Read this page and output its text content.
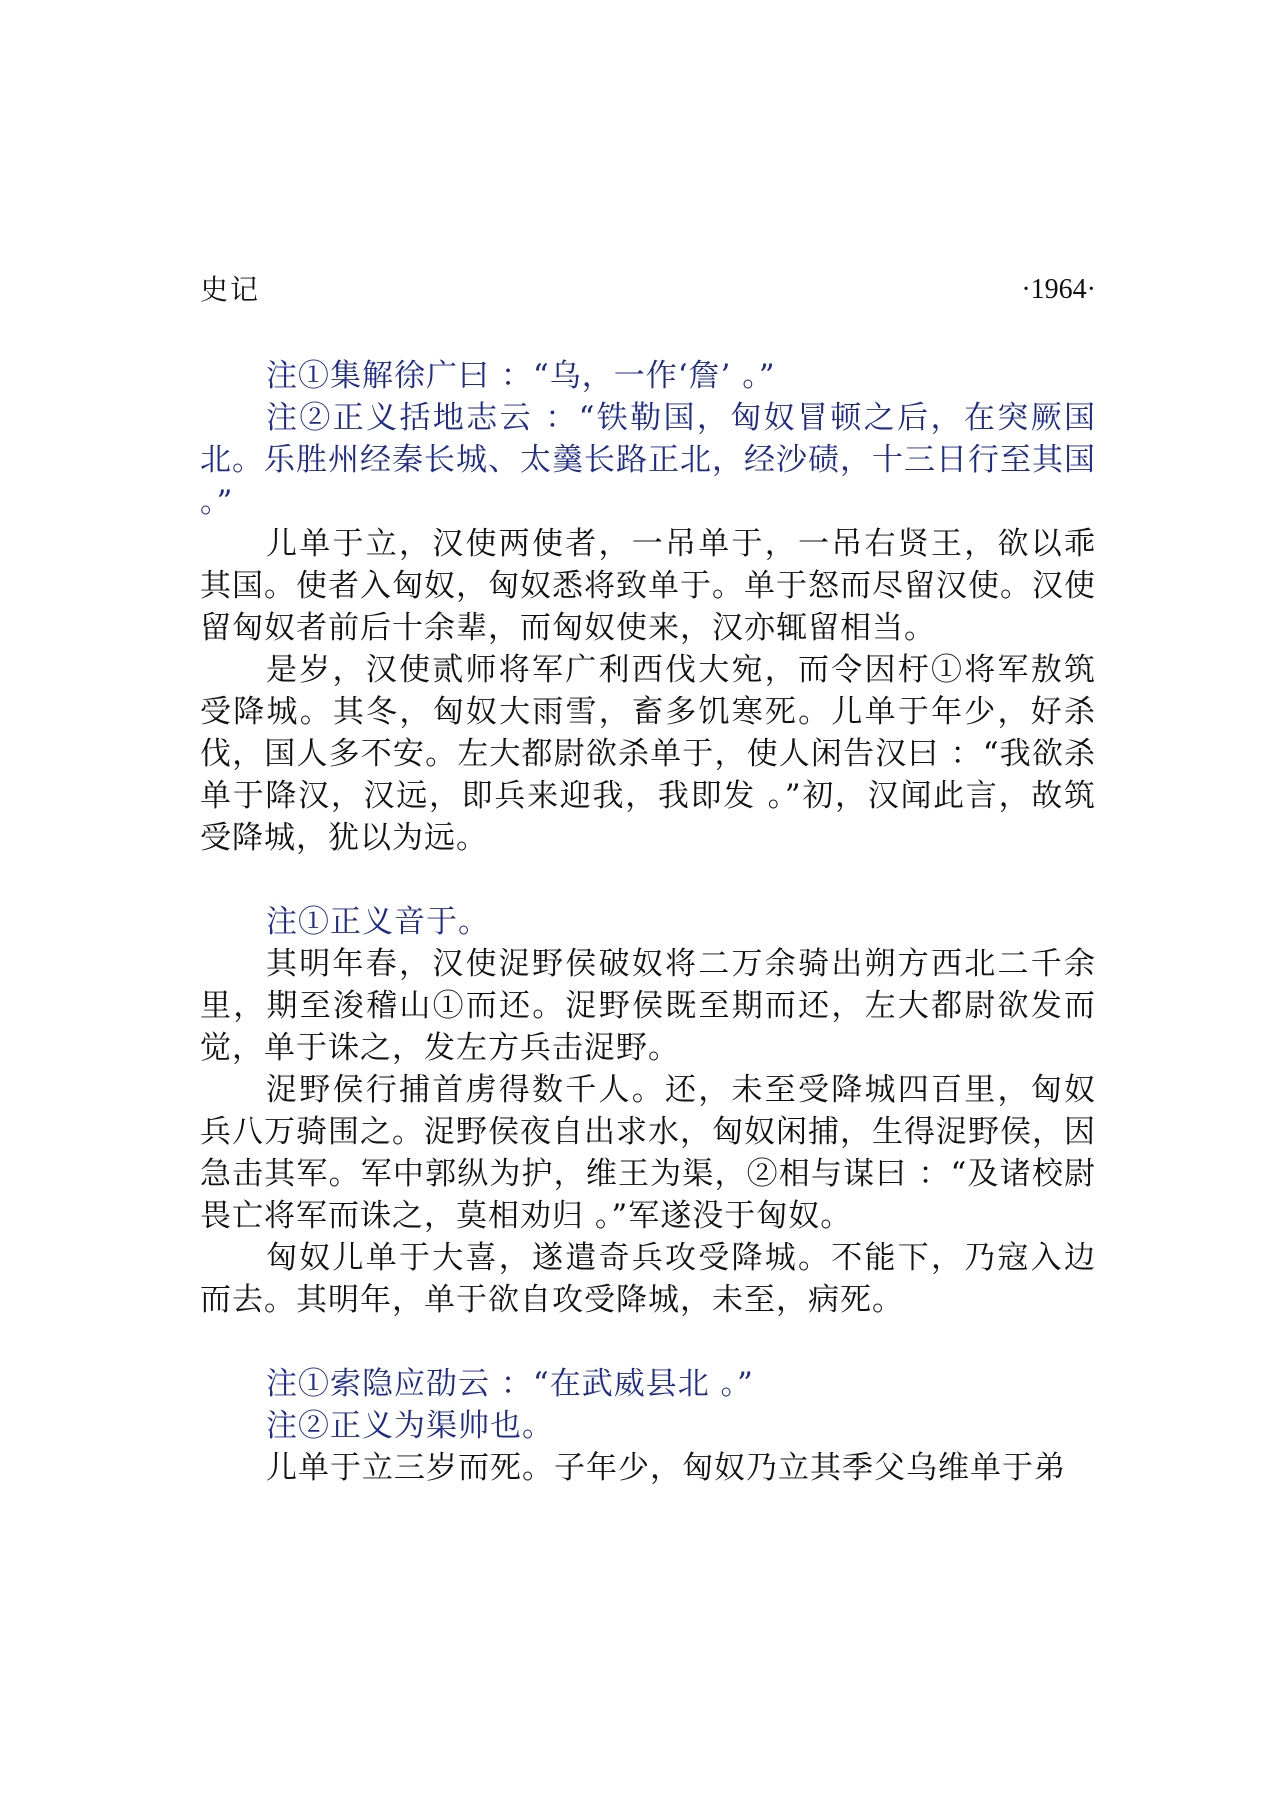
史记	·1964·

注①集解徐广曰 ：“乌，一作‘詹’ 。”

注②正义括地志云 ：“铁勒国，匈奴冒顿之后，在突厥国北。乐胜州经秦长城、太羹长路正北，经沙碛，十三日行至其国 。”

儿单于立，汉使两使者，一吊单于，一吊右贤王，欲以乖其国。使者入匈奴，匈奴悉将致单于。单于怒而尽留汉使。汉使留匈奴者前后十余辈，而匈奴使来，汉亦辄留相当。

是岁，汉使贰师将军广利西伐大宛，而令因杅①将军敖筑受降城。其冬，匈奴大雨雪，畜多饥寒死。儿单于年少，好杀伐，国人多不安。左大都尉欲杀单于，使人闲告汉曰 ：“我欲杀单于降汉，汉远，即兵来迎我，我即发 。”初，汉闻此言，故筑受降城，犹以为远。

注①正义音于。

其明年春，汉使浞野侯破奴将二万余骑出朔方西北二千余里，期至浚稽山①而还。浞野侯既至期而还，左大都尉欲发而觉，单于诛之，发左方兵击浞野。

浞野侯行捕首虏得数千人。还，未至受降城四百里，匈奴兵八万骑围之。浞野侯夜自出求水，匈奴闲捕，生得浞野侯，因急击其军。军中郭纵为护，维王为渠，②相与谋曰 ：“及诸校尉畏亡将军而诛之，莫相劝归 。”军遂没于匈奴。

匈奴儿单于大喜，遂遣奇兵攻受降城。不能下，乃寇入边而去。其明年，单于欲自攻受降城，未至，病死。

注①索隐应劭云 ：“在武威县北 。”

注②正义为渠帅也。

儿单于立三岁而死。子年少，匈奴乃立其季父乌维单于弟
